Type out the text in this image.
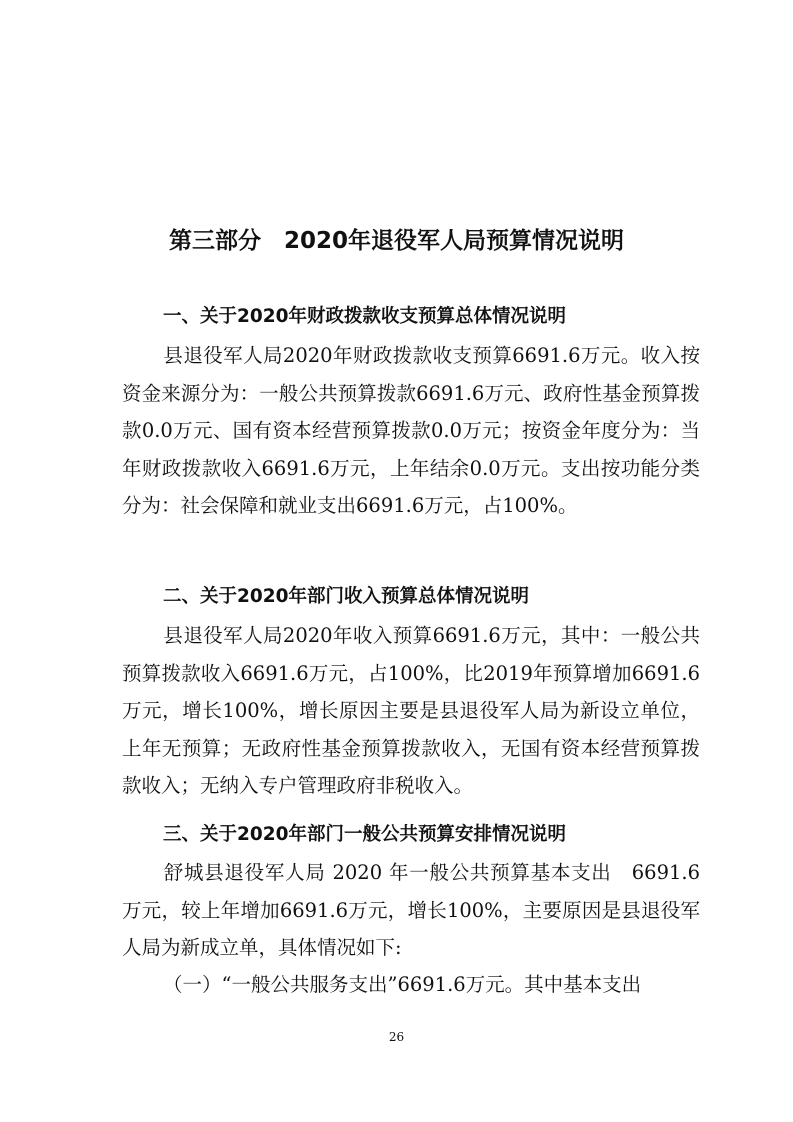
第三部分　2020年退役军人局预算情况说明
一、关于2020年财政拨款收支预算总体情况说明

县退役军人局2020年财政拨款收支预算6691.6万元。收入按资金来源分为：一般公共预算拨款6691.6万元、政府性基金预算拨款0.0万元、国有资本经营预算拨款0.0万元；按资金年度分为：当年财政拨款收入6691.6万元，上年结余0.0万元。支出按功能分类分为：社会保障和就业支出6691.6万元，占100%。

二、关于2020年部门收入预算总体情况说明

县退役军人局2020年收入预算6691.6万元，其中：一般公共预算拨款收入6691.6万元，占100%，比2019年预算增加6691.6万元，增长100%，增长原因主要是县退役军人局为新设立单位，上年无预算；无政府性基金预算拨款收入，无国有资本经营预算拨款收入；无纳入专户管理政府非税收入。

三、关于2020年部门一般公共预算安排情况说明

舒城县退役军人局 2020 年一般公共预算基本支出　6691.6万元，较上年增加6691.6万元，增长100%，主要原因是县退役军人局为新成立单，具体情况如下:

（一）“一般公共服务支出”6691.6万元。其中基本支出
26
